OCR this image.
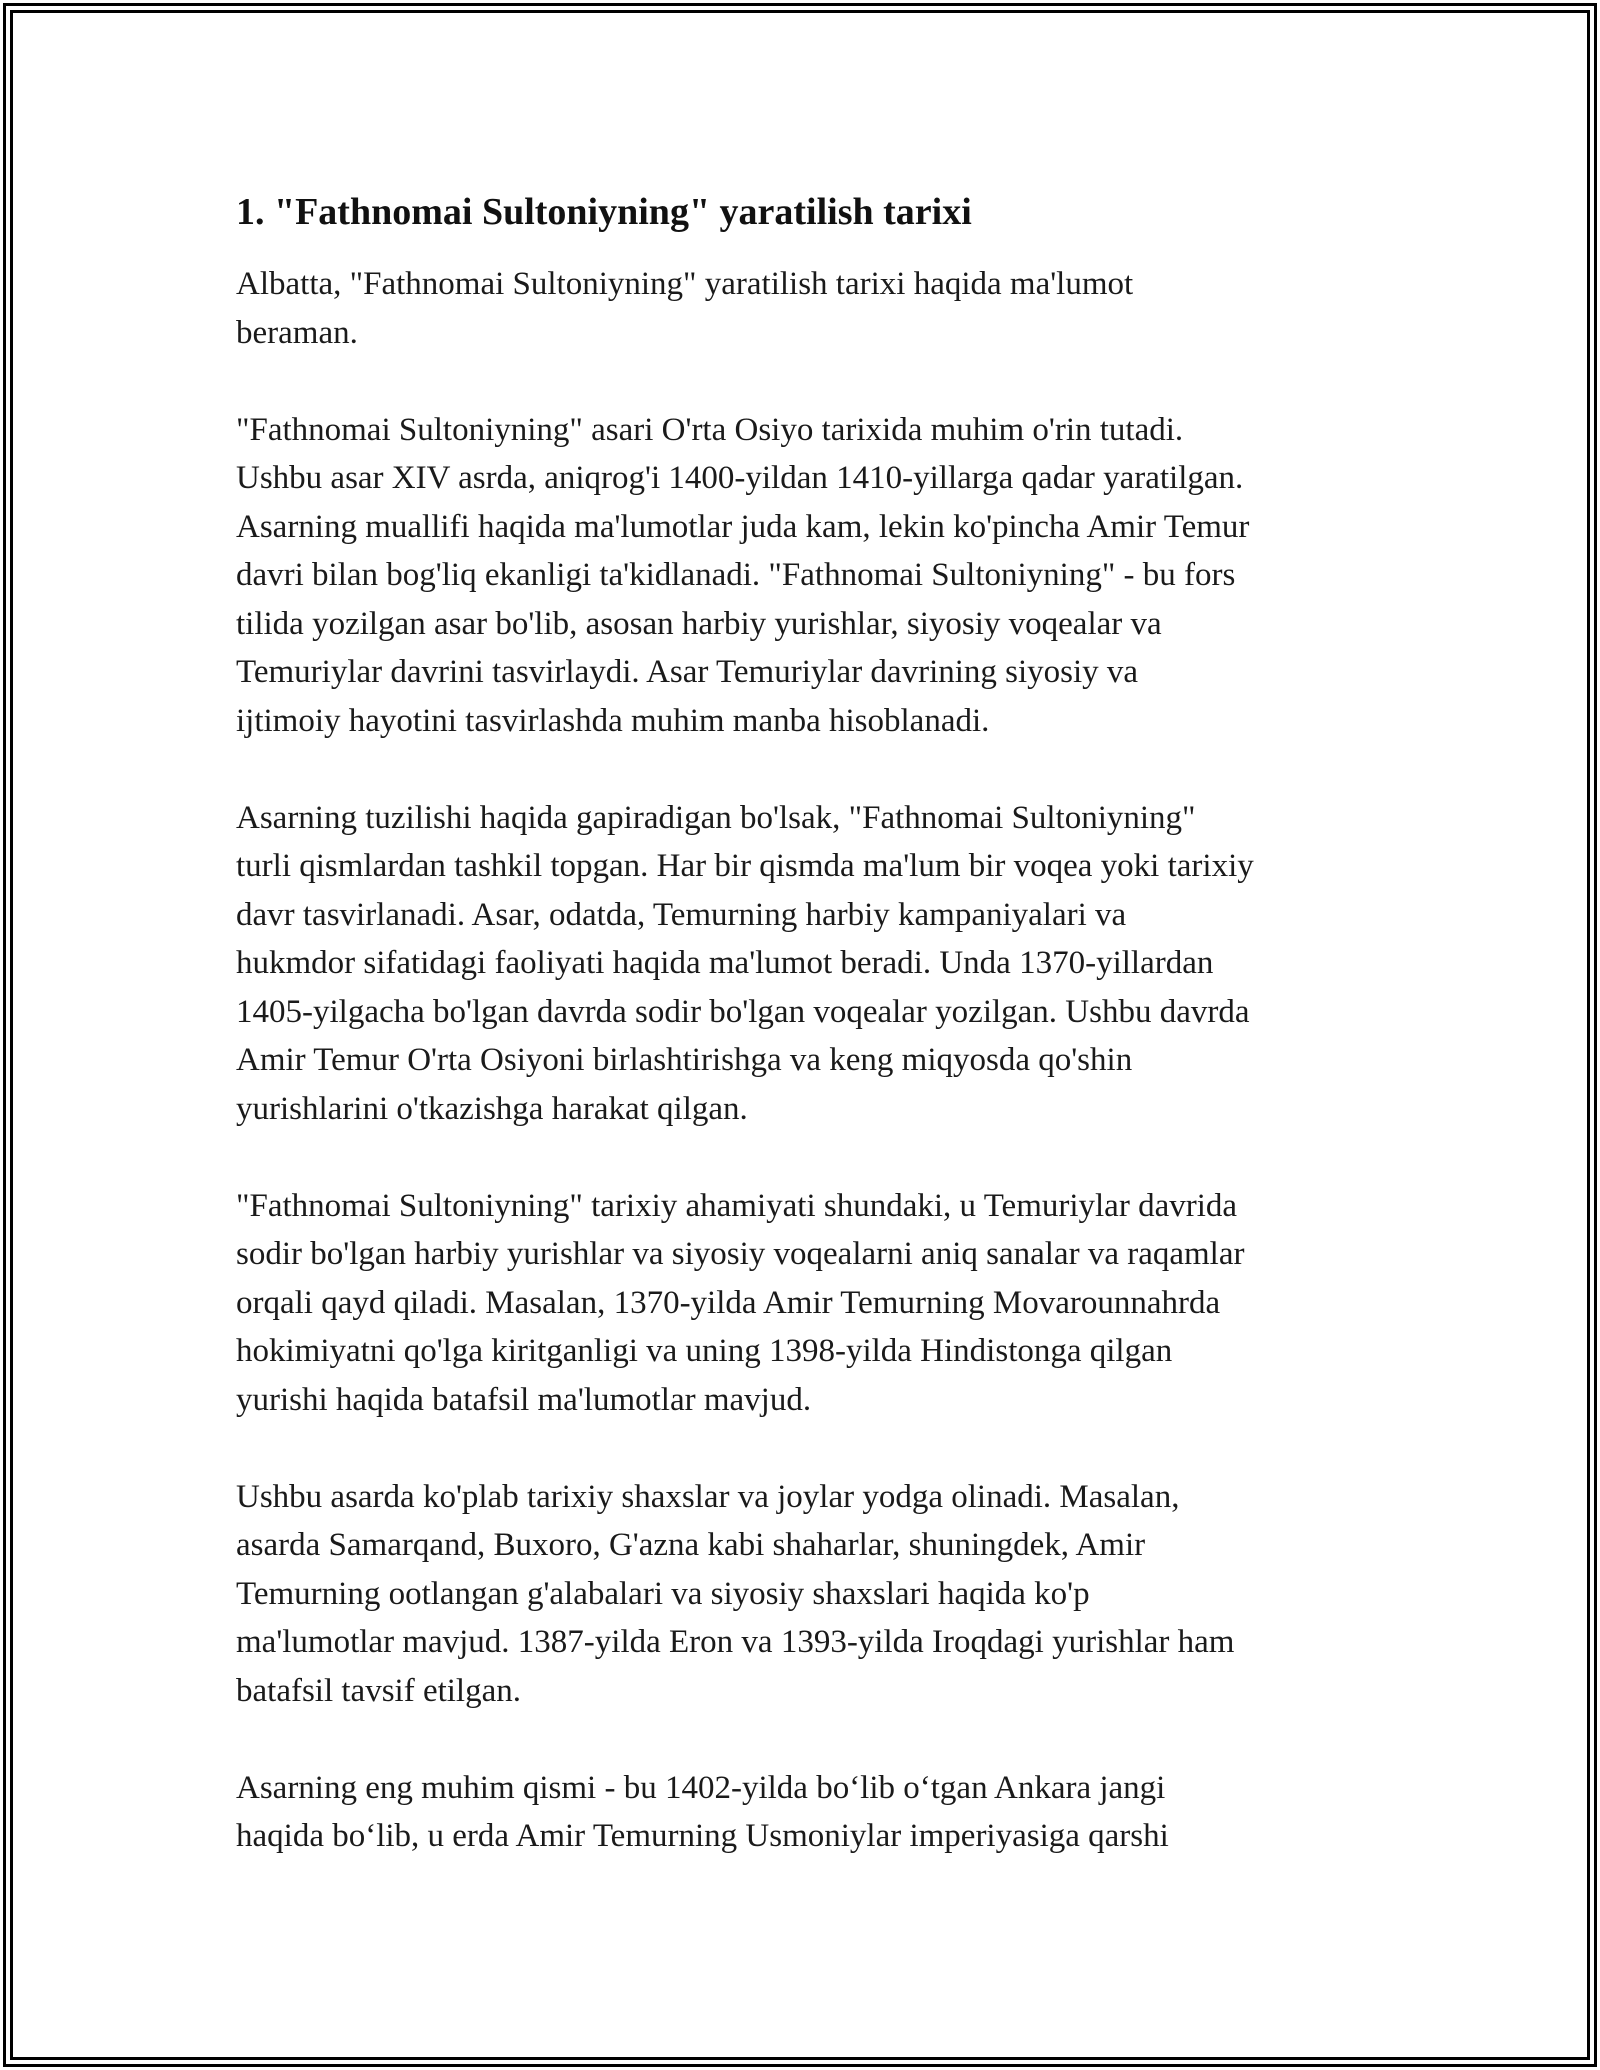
1. "Fathnomai Sultoniyning" yaratilish tarixi

Albatta, "Fathnomai Sultoniyning" yaratilish tarixi haqida ma'lumot
beraman.

"Fathnomai Sultoniyning" asari O'rta Osiyo tarixida muhim o'rin tutadi.
Ushbu asar XIV asrda, aniqrog'i 1400-yildan 1410-yillarga qadar yaratilgan.
Asarning muallifi haqida ma'lumotlar juda kam, lekin ko'pincha Amir Temur
davri bilan bog'liq ekanligi ta'kidlanadi. "Fathnomai Sultoniyning" - bu fors
tilida yozilgan asar bo'lib, asosan harbiy yurishlar, siyosiy voqealar va
Temuriylar davrini tasvirlaydi. Asar Temuriylar davrining siyosiy va
ijtimoiy hayotini tasvirlashda muhim manba hisoblanadi.

Asarning tuzilishi haqida gapiradigan bo'lsak, "Fathnomai Sultoniyning"
turli qismlardan tashkil topgan. Har bir qismda ma'lum bir voqea yoki tarixiy
davr tasvirlanadi. Asar, odatda, Temurning harbiy kampaniyalari va
hukmdor sifatidagi faoliyati haqida ma'lumot beradi. Unda 1370-yillardan
1405-yilgacha bo'lgan davrda sodir bo'lgan voqealar yozilgan. Ushbu davrda
Amir Temur O'rta Osiyoni birlashtirishga va keng miqyosda qo'shin
yurishlarini o'tkazishga harakat qilgan.

"Fathnomai Sultoniyning" tarixiy ahamiyati shundaki, u Temuriylar davrida
sodir bo'lgan harbiy yurishlar va siyosiy voqealarni aniq sanalar va raqamlar
orqali qayd qiladi. Masalan, 1370-yilda Amir Temurning Movarounnahrda
hokimiyatni qo'lga kiritganligi va uning 1398-yilda Hindistonga qilgan
yurishi haqida batafsil ma'lumotlar mavjud.

Ushbu asarda ko'plab tarixiy shaxslar va joylar yodga olinadi. Masalan,
asarda Samarqand, Buxoro, G'azna kabi shaharlar, shuningdek, Amir
Temurning ootlangan g'alabalari va siyosiy shaxslari haqida ko'p
ma'lumotlar mavjud. 1387-yilda Eron va 1393-yilda Iroqdagi yurishlar ham
batafsil tavsif etilgan.

Asarning eng muhim qismi - bu 1402-yilda bo‘lib o‘tgan Ankara jangi
haqida bo‘lib, u erda Amir Temurning Usmoniylar imperiyasiga qarshi
